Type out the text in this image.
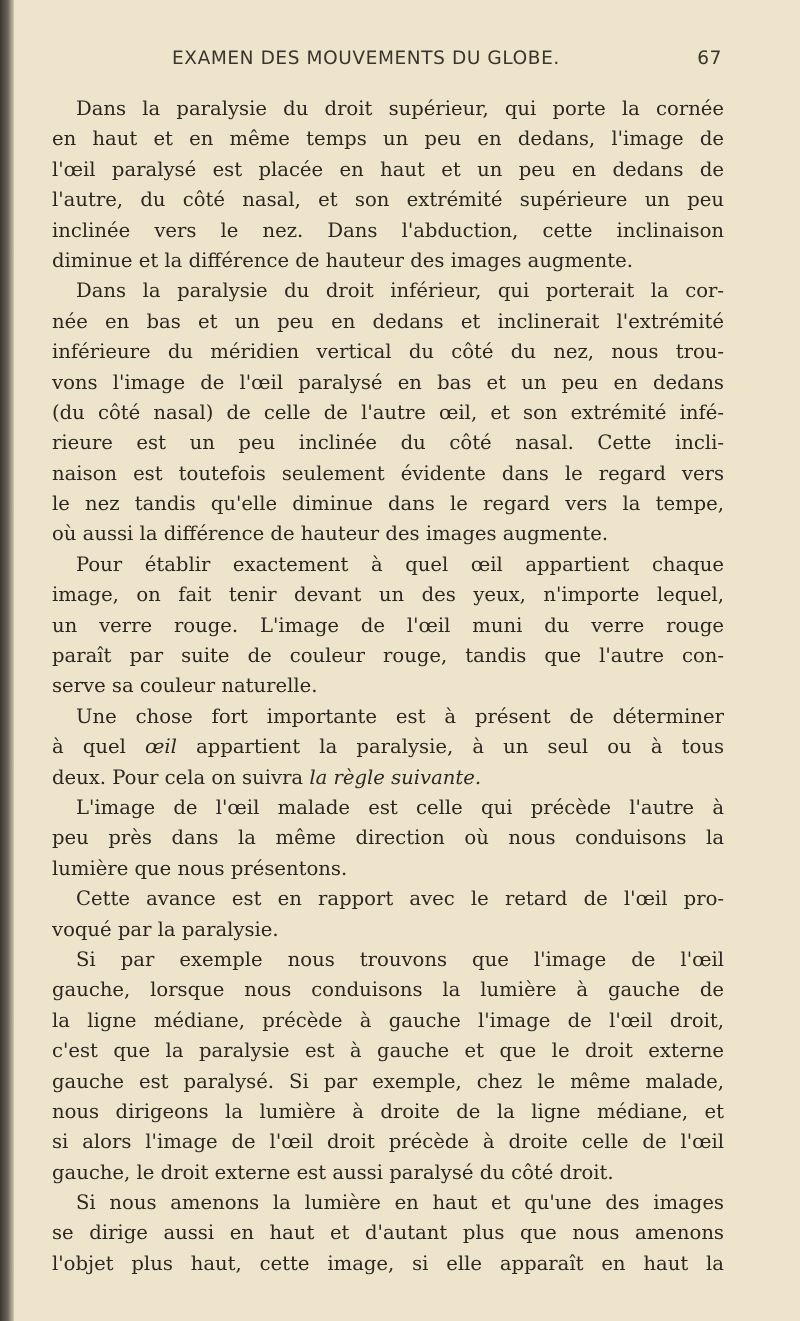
EXAMEN DES MOUVEMENTS DU GLOBE.	67
Dans la paralysie du droit supérieur, qui porte la cornée
en haut et en même temps un peu en dedans, l'image de
l'œil paralysé est placée en haut et un peu en dedans de
l'autre, du côté nasal, et son extrémité supérieure un peu
inclinée vers le nez. Dans l'abduction, cette inclinaison
diminue et la différence de hauteur des images augmente.
Dans la paralysie du droit inférieur, qui porterait la cor-
née en bas et un peu en dedans et inclinerait l'extrémité
inférieure du méridien vertical du côté du nez, nous trou-
vons l'image de l'œil paralysé en bas et un peu en dedans
(du côté nasal) de celle de l'autre œil, et son extrémité infé-
rieure est un peu inclinée du côté nasal. Cette incli-
naison est toutefois seulement évidente dans le regard vers
le nez tandis qu'elle diminue dans le regard vers la tempe,
où aussi la différence de hauteur des images augmente.
Pour établir exactement à quel œil appartient chaque
image, on fait tenir devant un des yeux, n'importe lequel,
un verre rouge. L'image de l'œil muni du verre rouge
paraît par suite de couleur rouge, tandis que l'autre con-
serve sa couleur naturelle.
Une chose fort importante est à présent de déterminer
à quel œil appartient la paralysie, à un seul ou à tous
deux. Pour cela on suivra la règle suivante.
L'image de l'œil malade est celle qui précède l'autre à
peu près dans la même direction où nous conduisons la
lumière que nous présentons.
Cette avance est en rapport avec le retard de l'œil pro-
voqué par la paralysie.
Si par exemple nous trouvons que l'image de l'œil
gauche, lorsque nous conduisons la lumière à gauche de
la ligne médiane, précède à gauche l'image de l'œil droit,
c'est que la paralysie est à gauche et que le droit externe
gauche est paralysé. Si par exemple, chez le même malade,
nous dirigeons la lumière à droite de la ligne médiane, et
si alors l'image de l'œil droit précède à droite celle de l'œil
gauche, le droit externe est aussi paralysé du côté droit.
Si nous amenons la lumière en haut et qu'une des images
se dirige aussi en haut et d'autant plus que nous amenons
l'objet plus haut, cette image, si elle apparaît en haut la
